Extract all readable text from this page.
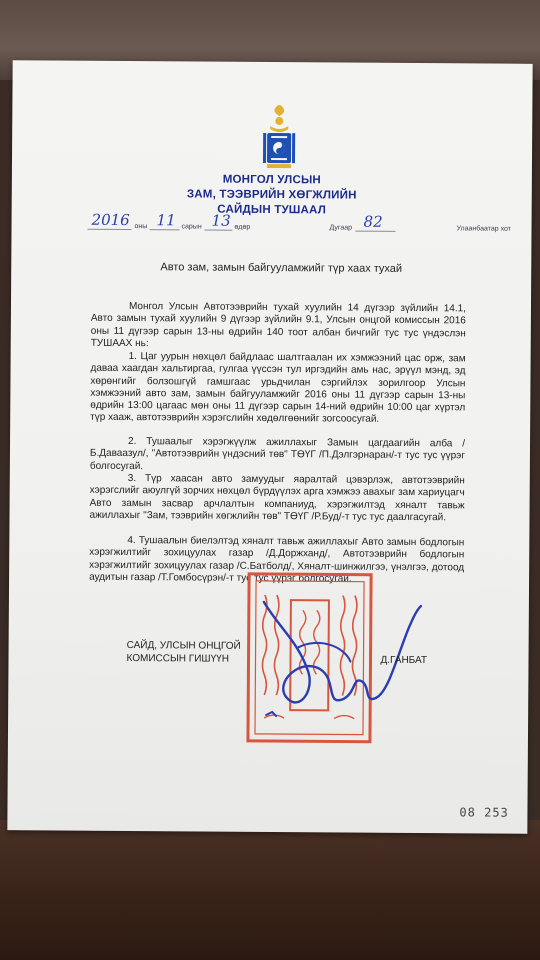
МОНГОЛ УЛСЫН
ЗАМ, ТЭЭВРИЙН ХӨГЖЛИЙН
САЙДЫН ТУШААЛ
2016 оны 11 сарын 13 өдөр	Дугаар 82	Улаанбаатар хот
Авто зам, замын байгууламжийг түр хаах тухай
Монгол Улсын Автотээврийн тухай хуулийн 14 дүгээр зүйлийн 14.1, Авто замын тухай хуулийн 9 дүгээр зүйлийн 9.1, Улсын онцгой комиссын 2016 оны 11 дүгээр сарын 13-ны өдрийн 140 тоот албан бичгийг тус тус үндэслэн ТУШААХ нь:
1. Цаг уурын нөхцөл байдлаас шалтгаалан их хэмжээний цас орж, зам даваа хаагдан хальтиргаа, гулгаа үүссэн тул иргэдийн амь нас, эрүүл мэнд, эд хөрөнгийг болзошгүй гамшгаас урьдчилан сэргийлэх зорилгоор Улсын хэмжээний авто зам, замын байгууламжийг 2016 оны 11 дүгээр сарын 13-ны өдрийн 13:00 цагаас мөн оны 11 дүгээр сарын 14-ний өдрийн 10:00 цаг хүртэл түр хааж, автотээврийн хэрэгслийн хөдөлгөөнийг зогсоосугай.
2. Тушаалыг хэрэгжүүлж ажиллахыг Замын цагдаагийн алба /Б.Даваазул/, "Автотээврийн үндэсний төв" ТӨҮГ /П.Дэлгэрнаран/-т тус тус үүрэг болгосугай.
3. Түр хаасан авто замуудыг яаралтай цэвэрлэж, автотээврийн хэрэгслийг аюулгүй зорчих нөхцөл бүрдүүлэх арга хэмжээ авахыг зам хариуцагч Авто замын засвар арчлалтын компаниуд, хэрэгжилтэд хяналт тавьж ажиллахыг "Зам, тээврийн хөгжлийн төв" ТӨҮГ /Р.Буд/-т тус тус даалгасугай.
4. Тушаалын биелэлтэд хяналт тавьж ажиллахыг Авто замын бодлогын хэрэгжилтийг зохицуулах газар /Д.Доржханд/, Автотээврийн бодлогын хэрэгжилтийг зохицуулах газар /С.Батболд/, Хяналт-шинжилгээ, үнэлгээ, дотоод аудитын газар /Т.Гомбосүрэн/-т тус тус үүрэг болгосугай.
САЙД, УЛСЫН ОНЦГОЙ
КОМИССЫН ГИШҮҮН	Д.ГАНБАТ
08 253
